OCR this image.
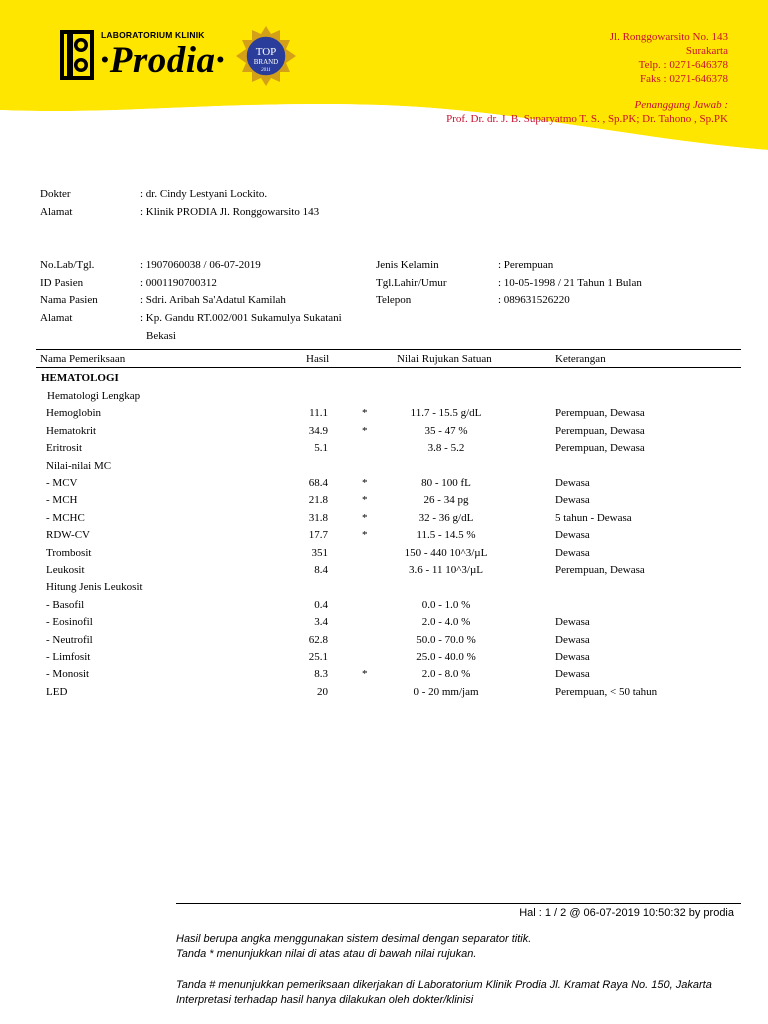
LABORATORIUM KLINIK
·Prodia·	TOP
BRAND
2011
Jl. Ronggowarsito No. 143
Surakarta
Telp. : 0271-646378
Faks : 0271-646378
Penanggung Jawab :
Prof. Dr. dr. J. B. Suparyatmo T. S. , Sp.PK; Dr. Tahono , Sp.PK
Dokter	: dr. Cindy Lestyani Lockito.
Alamat	: Klinik PRODIA Jl. Ronggowarsito 143
No.Lab/Tgl.	: 1907060038 / 06-07-2019
ID Pasien	: 0001190700312
Nama Pasien	: Sdri. Aribah Sa'Adatul Kamilah
Alamat	: Kp. Gandu RT.002/001 Sukamulya Sukatani
Bekasi
Jenis Kelamin	: Perempuan
Tgl.Lahir/Umur	: 10-05-1998 / 21 Tahun 1 Bulan
Telepon	: 089631526220
Nama Pemeriksaan	Hasil	Nilai Rujukan Satuan	Keterangan
HEMATOLOGI
Hematologi Lengkap
Hemoglobin	11.1	*	11.7 - 15.5 g/dL	Perempuan, Dewasa
Hematokrit	34.9	*	35 - 47 %	Perempuan, Dewasa
Eritrosit	5.1	3.8 - 5.2	Perempuan, Dewasa
Nilai-nilai MC
- MCV	68.4	*	80 - 100 fL	Dewasa
- MCH	21.8	*	26 - 34 pg	Dewasa
- MCHC	31.8	*	32 - 36 g/dL	5 tahun - Dewasa
RDW-CV	17.7	*	11.5 - 14.5 %	Dewasa
Trombosit	351	150 - 440 10^3/µL	Dewasa
Leukosit	8.4	3.6 - 11 10^3/µL	Perempuan, Dewasa
Hitung Jenis Leukosit
- Basofil	0.4	0.0 - 1.0 %
- Eosinofil	3.4	2.0 - 4.0 %	Dewasa
- Neutrofil	62.8	50.0 - 70.0 %	Dewasa
- Limfosit	25.1	25.0 - 40.0 %	Dewasa
- Monosit	8.3	*	2.0 - 8.0 %	Dewasa
LED	20	0 - 20 mm/jam	Perempuan, < 50 tahun
Hal : 1 / 2 @ 06-07-2019 10:50:32 by prodia
Hasil berupa angka menggunakan sistem desimal dengan separator titik.
Tanda * menunjukkan nilai di atas atau di bawah nilai rujukan.
Tanda # menunjukkan pemeriksaan dikerjakan di Laboratorium Klinik Prodia Jl. Kramat Raya No. 150, Jakarta
Interpretasi terhadap hasil hanya dilakukan oleh dokter/klinisi
